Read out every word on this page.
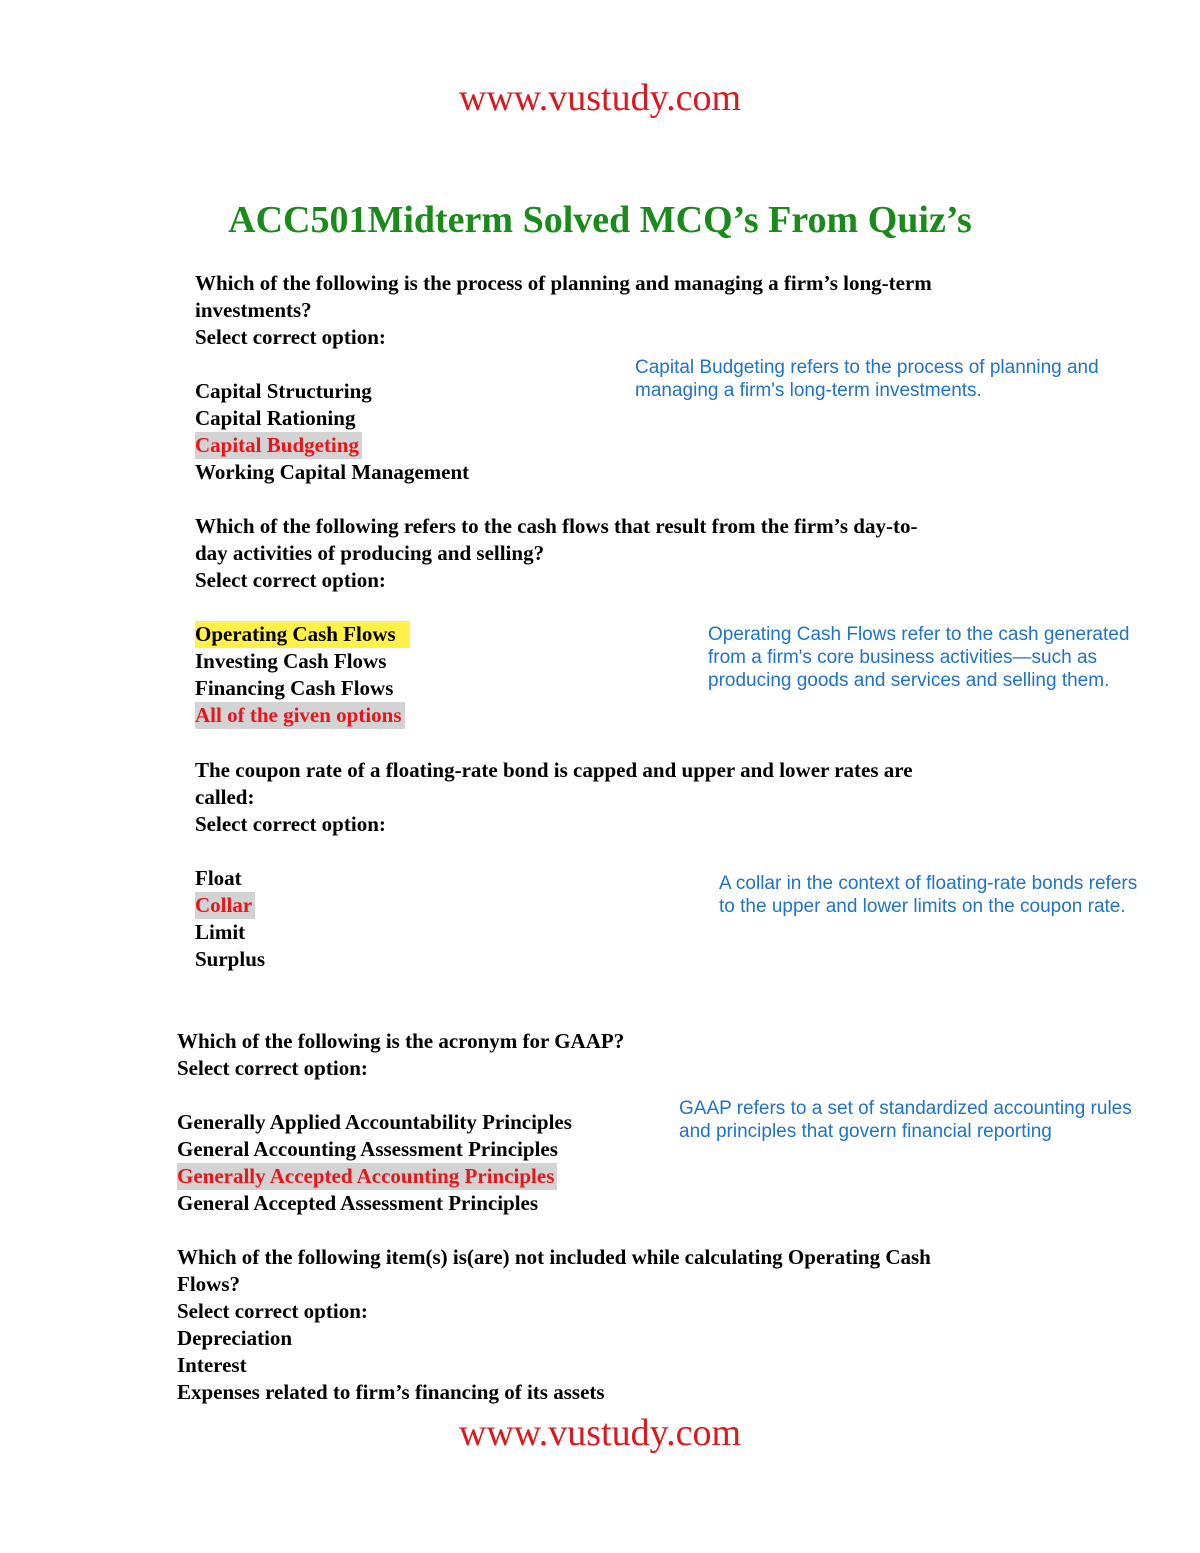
www.vustudy.com
ACC501Midterm Solved MCQ’s From Quiz’s
Which of the following is the process of planning and managing a firm’s long-term
investments?
Select correct option:
Capital Structuring
Capital Rationing
Capital Budgeting
Working Capital Management
Capital Budgeting refers to the process of planning and
managing a firm's long-term investments.
Which of the following refers to the cash flows that result from the firm’s day-to-
day activities of producing and selling?
Select correct option:
Operating Cash Flows
Investing Cash Flows
Financing Cash Flows
All of the given options
Operating Cash Flows refer to the cash generated
from a firm's core business activities—such as
producing goods and services and selling them.
The coupon rate of a floating-rate bond is capped and upper and lower rates are
called:
Select correct option:
Float
Collar
Limit
Surplus
A collar in the context of floating-rate bonds refers
to the upper and lower limits on the coupon rate.
Which of the following is the acronym for GAAP?
Select correct option:
Generally Applied Accountability Principles
General Accounting Assessment Principles
Generally Accepted Accounting Principles
General Accepted Assessment Principles
GAAP refers to a set of standardized accounting rules
and principles that govern financial reporting
Which of the following item(s) is(are) not included while calculating Operating Cash
Flows?
Select correct option:
Depreciation
Interest
Expenses related to firm’s financing of its assets
www.vustudy.com
